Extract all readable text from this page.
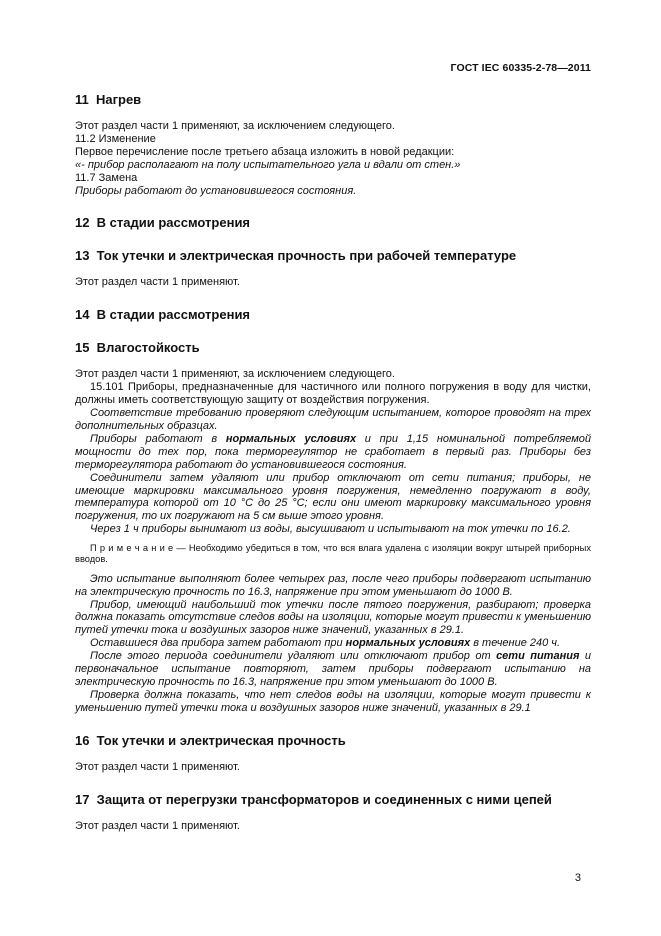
ГОСТ IEC 60335-2-78—2011
11  Нагрев

Этот раздел части 1 применяют, за исключением следующего.

11.2 Изменение

Первое перечисление после третьего абзаца изложить в новой редакции:

«- прибор располагают на полу испытательного угла и вдали от стен.»

11.7 Замена

Приборы работают до установившегося состояния.

12  В стадии рассмотрения
13  Ток утечки и электрическая прочность при рабочей температуре

Этот раздел части 1 применяют.

14  В стадии рассмотрения
15  Влагостойкость

Этот раздел части 1 применяют, за исключением следующего.

15.101 Приборы, предназначенные для частичного или полного погружения в воду для чистки, должны иметь соответствующую защиту от воздействия погружения.

Соответствие требованию проверяют следующим испытанием, которое проводят на трех дополнительных образцах.

Приборы работают в нормальных условиях и при 1,15 номинальной потребляемой мощности до тех пор, пока терморегулятор не сработает в первый раз. Приборы без терморегулятора работают до установившегося состояния.

Соединители затем удаляют или прибор отключают от сети питания; приборы, не имеющие маркировки максимального уровня погружения, немедленно погружают в воду, температура которой от 10 °С до 25 °С; если они имеют маркировку максимального уровня погружения, то их погружают на 5 см выше этого уровня.

Через 1 ч приборы вынимают из воды, высушивают и испытывают на ток утечки по 16.2.

П р и м е ч а н и е — Необходимо убедиться в том, что вся влага удалена с изоляции вокруг штырей приборных вводов.

Это испытание выполняют более четырех раз, после чего приборы подвергают испытанию на электрическую прочность по 16.3, напряжение при этом уменьшают до 1000 В.

Прибор, имеющий наибольший ток утечки после пятого погружения, разбирают; проверка должна показать отсутствие следов воды на изоляции, которые могут привести к уменьшению путей утечки тока и воздушных зазоров ниже значений, указанных в 29.1.

Оставшиеся два прибора затем работают при нормальных условиях в течение 240 ч.

После этого периода соединители удаляют или отключают прибор от сети питания и первоначальное испытание повторяют, затем приборы подвергают испытанию на электрическую прочность по 16.3, напряжение при этом уменьшают до 1000 В.

Проверка должна показать, что нет следов воды на изоляции, которые могут привести к уменьшению путей утечки тока и воздушных зазоров ниже значений, указанных в 29.1

16  Ток утечки и электрическая прочность

Этот раздел части 1 применяют.

17  Защита от перегрузки трансформаторов и соединенных с ними цепей

Этот раздел части 1 применяют.

3
